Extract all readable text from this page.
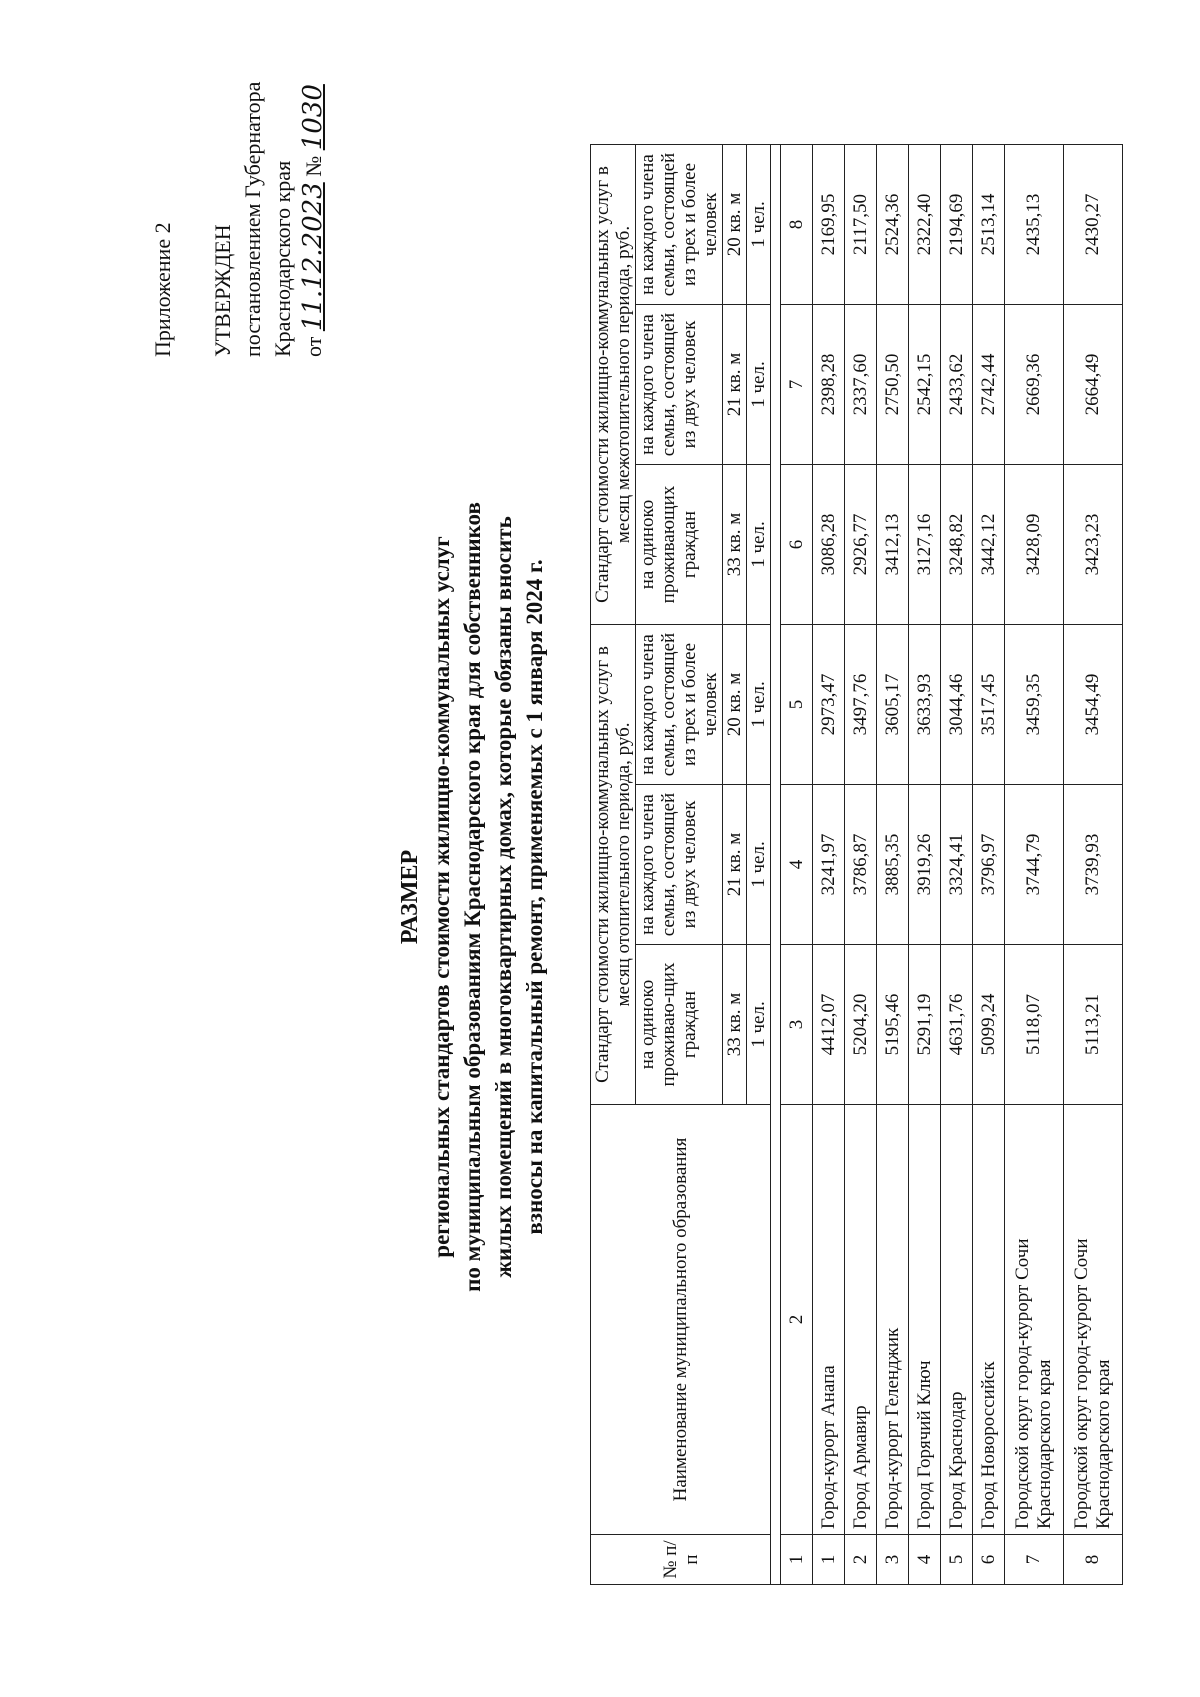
Приложение 2 УТВЕРЖДЕН постановлением Губернатора Краснодарского края от 11.12.2023 № 1030
РАЗМЕР региональных стандартов стоимости жилищно-коммунальных услуг по муниципальным образованиям Краснодарского края для собственников жилых помещений в многоквартирных домах, которые обязаны вносить взносы на капитальный ремонт, применяемых с 1 января 2024 г.
№ п/п	Наименование муниципального образования	Стандарт стоимости жилищно-коммунальных услуг в месяц отопительного периода, руб.			Стандарт стоимости жилищно-коммунальных услуг в месяц межотопительного периода, руб.		
		на одиноко проживаю-щих граждан	на каждого члена семьи, состоящей из двух человек	на каждого члена семьи, состоящей из трех и более человек	на одиноко проживающих граждан	на каждого члена семьи, состоящей из двух человек	на каждого члена семьи, состоящей из трех и более человек
		33 кв. м	21 кв. м	20 кв. м	33 кв. м	21 кв. м	20 кв. м
		1 чел.	1 чел.	1 чел.	1 чел.	1 чел.	1 чел.

1	2	3	4	5	6	7	8
1	Город-курорт Анапа	4412,07	3241,97	2973,47	3086,28	2398,28	2169,95
2	Город Армавир	5204,20	3786,87	3497,76	2926,77	2337,60	2117,50
3	Город-курорт Геленджик	5195,46	3885,35	3605,17	3412,13	2750,50	2524,36
4	Город Горячий Ключ	5291,19	3919,26	3633,93	3127,16	2542,15	2322,40
5	Город Краснодар	4631,76	3324,41	3044,46	3248,82	2433,62	2194,69
6	Город Новороссийск	5099,24	3796,97	3517,45	3442,12	2742,44	2513,14
7	Городской округ город-курорт Сочи Краснодарского края	5118,07	3744,79	3459,35	3428,09	2669,36	2435,13
8	Городской округ город-курорт Сочи Краснодарского края	5113,21	3739,93	3454,49	3423,23	2664,49	2430,27
